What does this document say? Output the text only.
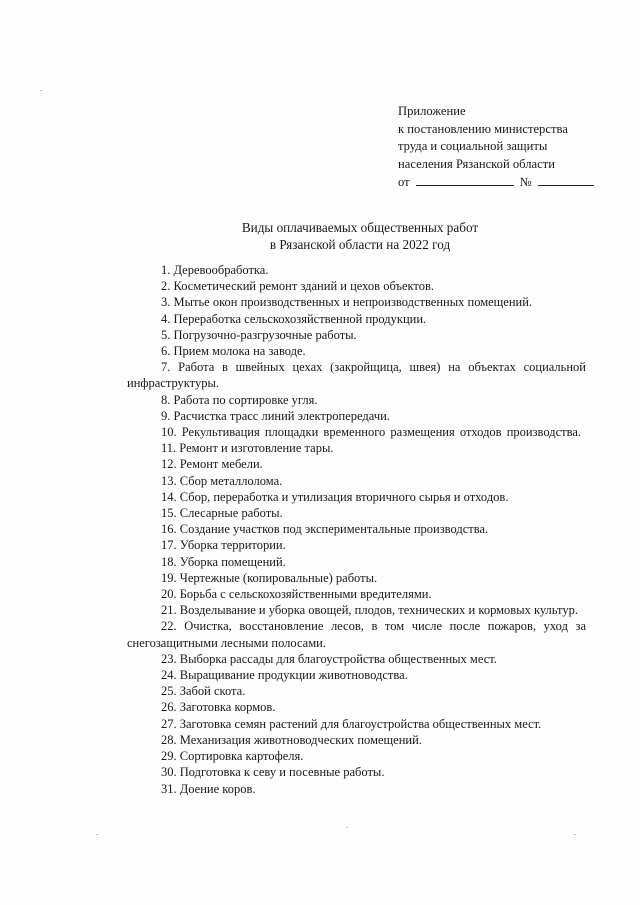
Приложение
к постановлению министерства
труда и социальной защиты
населения Рязанской области
от	№
Виды оплачиваемых общественных работ
в Рязанской области на 2022 год

1. Деревообработка.

2. Косметический ремонт зданий и цехов объектов.

3. Мытье окон производственных и непроизводственных помещений.

4. Переработка сельскохозяйственной продукции.

5. Погрузочно-разгрузочные работы.

6. Прием молока на заводе.

7. Работа в швейных цехах (закройщица, швея) на объектах социальной инфраструктуры.

8. Работа по сортировке угля.

9. Расчистка трасс линий электропередачи.

10. Рекультивация площадки временного размещения отходов производства.

11. Ремонт и изготовление тары.

12. Ремонт мебели.

13. Сбор металлолома.

14. Сбор, переработка и утилизация вторичного сырья и отходов.

15. Слесарные работы.

16. Создание участков под экспериментальные производства.

17. Уборка территории.

18. Уборка помещений.

19. Чертежные (копировальные) работы.

20. Борьба с сельскохозяйственными вредителями.

21. Возделывание и уборка овощей, плодов, технических и кормовых культур.

22. Очистка, восстановление лесов, в том числе после пожаров, уход за снегозащитными лесными полосами.

23. Выборка рассады для благоустройства общественных мест.

24. Выращивание продукции животноводства.

25. Забой скота.

26. Заготовка кормов.

27. Заготовка семян растений для благоустройства общественных мест.

28. Механизация животноводческих помещений.

29. Сортировка картофеля.

30. Подготовка к севу и посевные работы.

31. Доение коров.
